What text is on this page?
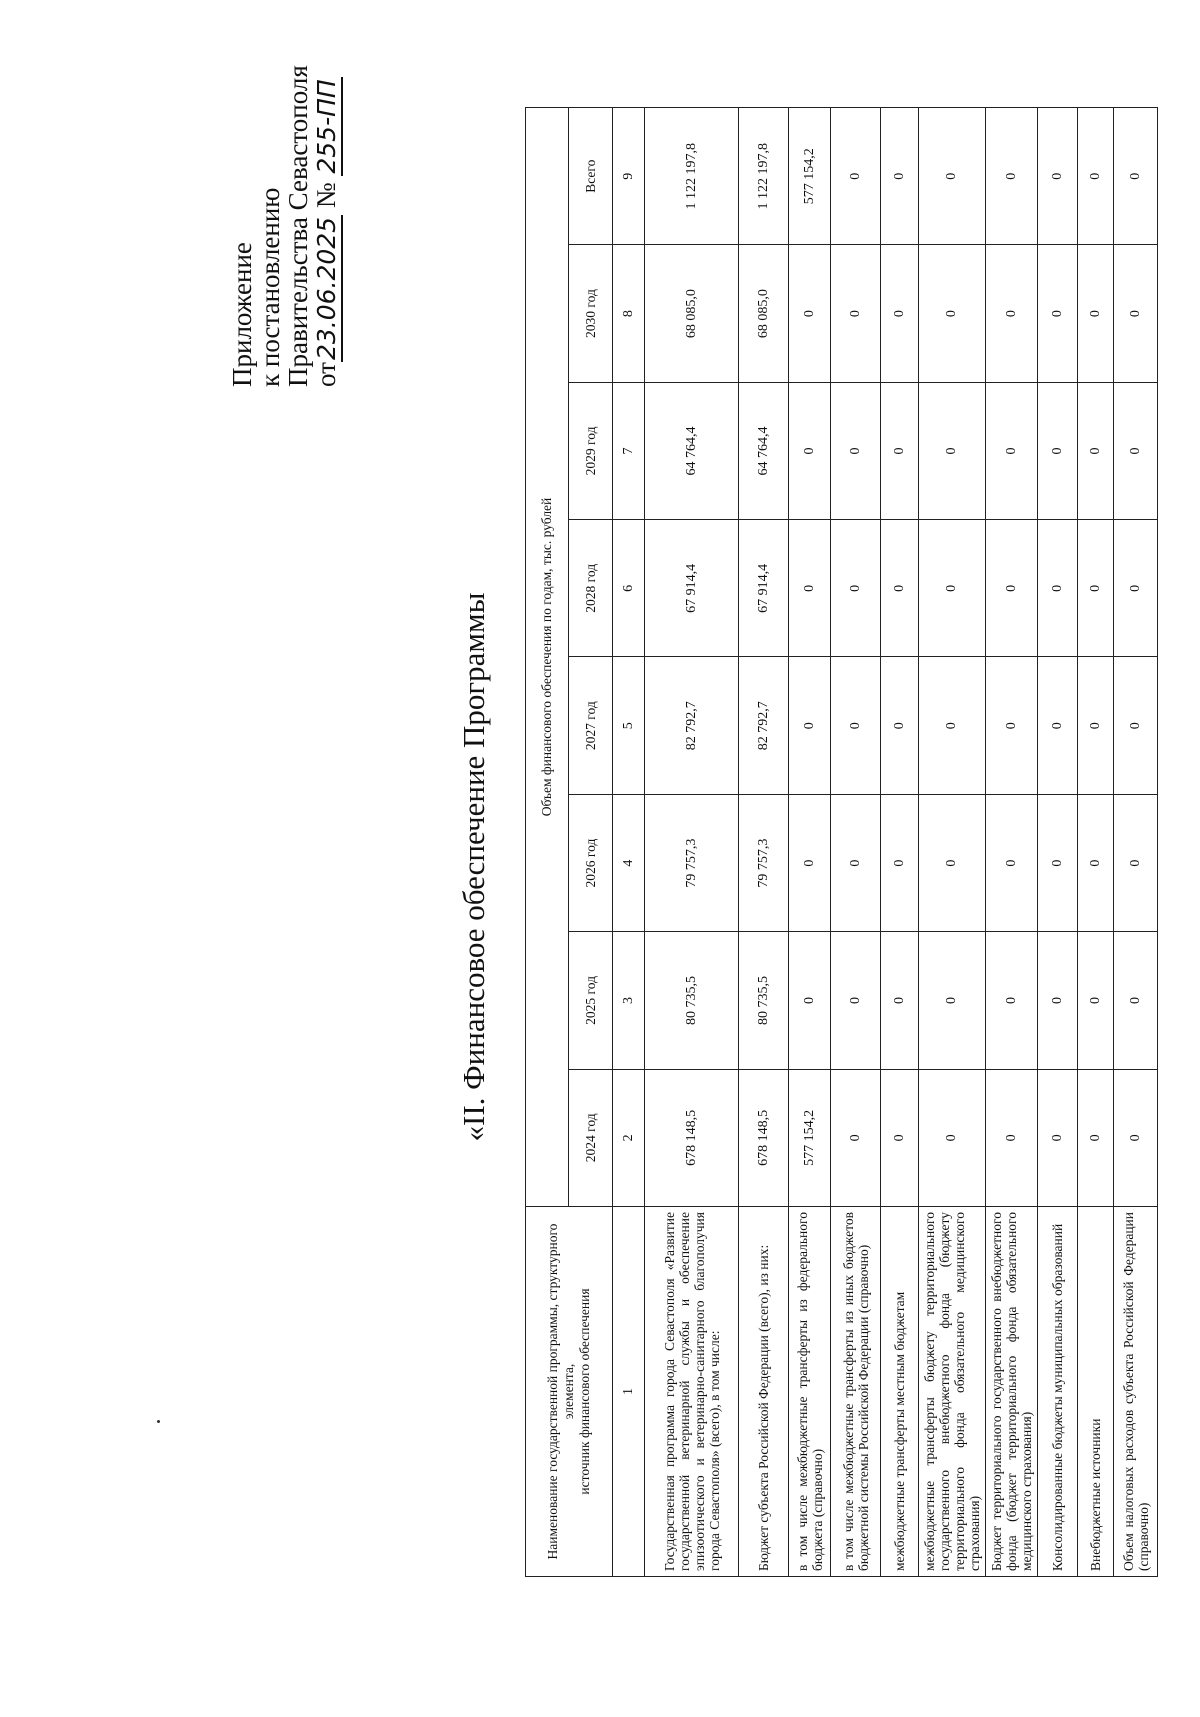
Приложение
к постановлению
Правительства Севастополя
от23.06.2025 № 255-ПП
«II. Финансовое обеспечение Программы
Наименование государственной программы, структурного элемента, источник финансового обеспечения	Объем финансового обеспечения по годам, тыс. рублей							
	2024 год	2025 год	2026 год	2027 год	2028 год	2029 год	2030 год	Всего
1	2	3	4	5	6	7	8	9
Государственная программа города Севастополя «Развитие государственной ветеринарной службы и обеспечение эпизоотического и ветеринарно-санитарного благополучия города Севастополя» (всего), в том числе:	678 148,5	80 735,5	79 757,3	82 792,7	67 914,4	64 764,4	68 085,0	1 122 197,8
Бюджет субъекта Российской Федерации (всего), из них:	678 148,5	80 735,5	79 757,3	82 792,7	67 914,4	64 764,4	68 085,0	1 122 197,8
в том числе межбюджетные трансферты из федерального бюджета (справочно)	577 154,2	0	0	0	0	0	0	577 154,2
в том числе межбюджетные трансферты из иных бюджетов бюджетной системы Российской Федерации (справочно)	0	0	0	0	0	0	0	0
межбюджетные трансферты местным бюджетам	0	0	0	0	0	0	0	0
межбюджетные трансферты бюджету территориального государственного внебюджетного фонда (бюджету территориального фонда обязательного медицинского страхования)	0	0	0	0	0	0	0	0
Бюджет территориального государственного внебюджетного фонда (бюджет территориального фонда обязательного медицинского страхования)	0	0	0	0	0	0	0	0
Консолидированные бюджеты муниципальных образований	0	0	0	0	0	0	0	0
Внебюджетные источники	0	0	0	0	0	0	0	0
Объем налоговых расходов субъекта Российской Федерации (справочно)	0	0	0	0	0	0	0	0
